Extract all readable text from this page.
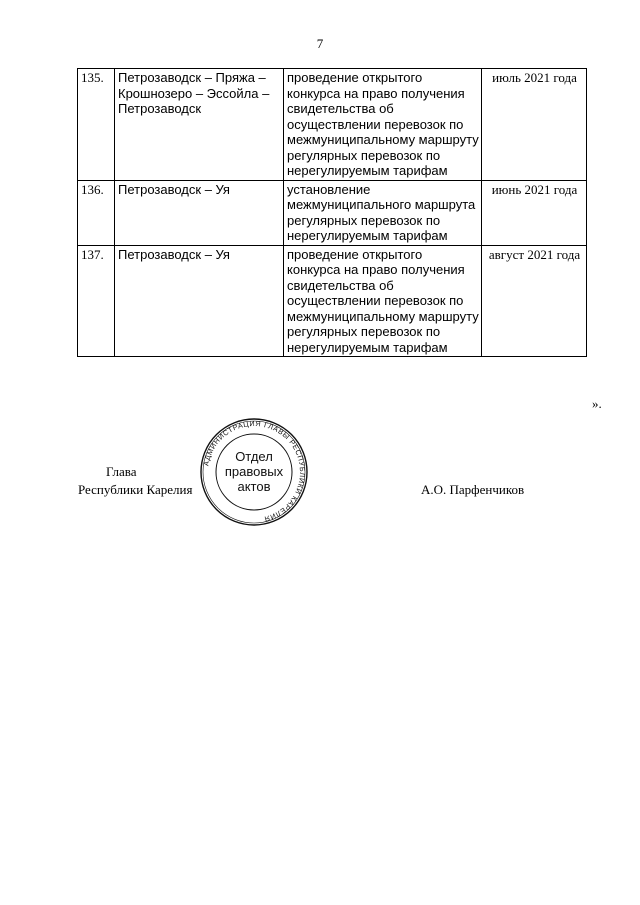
7
135.	Петрозаводск – Пряжа – Крошнозеро – Эссойла – Петрозаводск	проведение открытого конкурса на право получения свидетельства об осуществлении перевозок по межмуниципальному маршруту регулярных перевозок по нерегулируемым тарифам	июль 2021 года
136.	Петрозаводск – Уя	установление межмуниципального маршрута регулярных перевозок по нерегулируемым тарифам	июнь 2021 года
137.	Петрозаводск – Уя	проведение открытого конкурса на право получения свидетельства об осуществлении перевозок по межмуниципальному маршруту регулярных перевозок по нерегулируемым тарифам	август 2021 года
».
Глава
Республики Карелия	А.О. Парфенчиков
АДМИНИСТРАЦИЯ ГЛАВЫ РЕСПУБЛИКИ КАРЕЛИЯ
Отдел
правовых
актов
